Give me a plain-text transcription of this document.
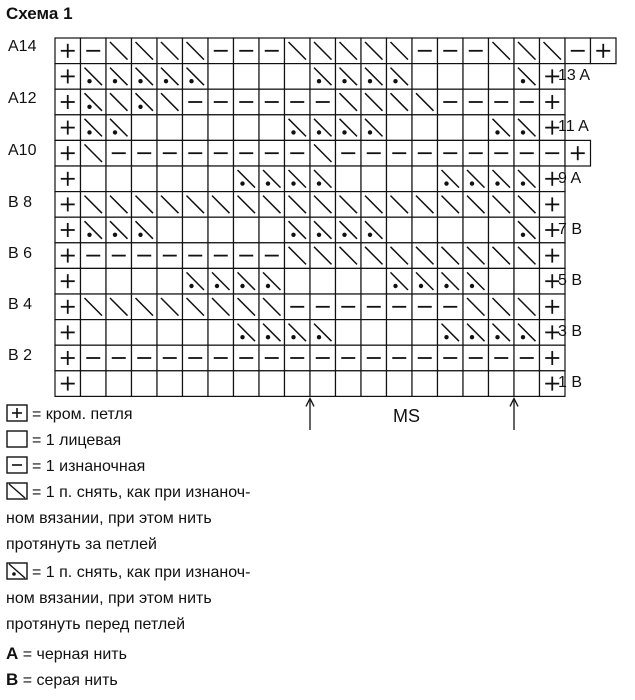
Схема 1
A14
A12
A10
B 8
B 6
B 4
B 2
13 A
11 A
9 A
7 B
5 B
3 B
1 B
MS
= кром. петля
= 1 лицевая
= 1 изнаночная
= 1 п. снять, как при изнаноч-
ном вязании, при этом нить
протянуть за петлей
= 1 п. снять, как при изнаноч-
ном вязании, при этом нить
протянуть перед петлей
A = черная нить
B = серая нить
